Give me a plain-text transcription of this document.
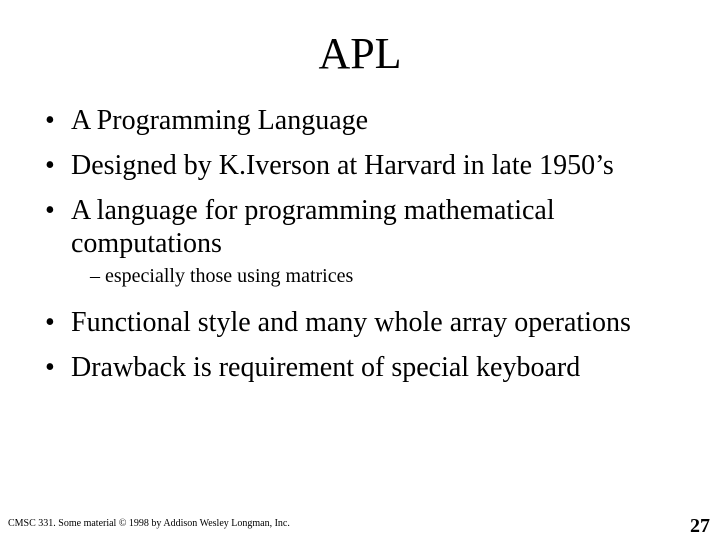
APL
• A Programming Language
• Designed by K.Iverson at Harvard in late 1950’s
• A language for programming mathematical computations
– especially those using matrices
• Functional style and many whole array operations
• Drawback is requirement of special keyboard
CMSC 331. Some material © 1998 by Addison Wesley Longman, Inc.	27
